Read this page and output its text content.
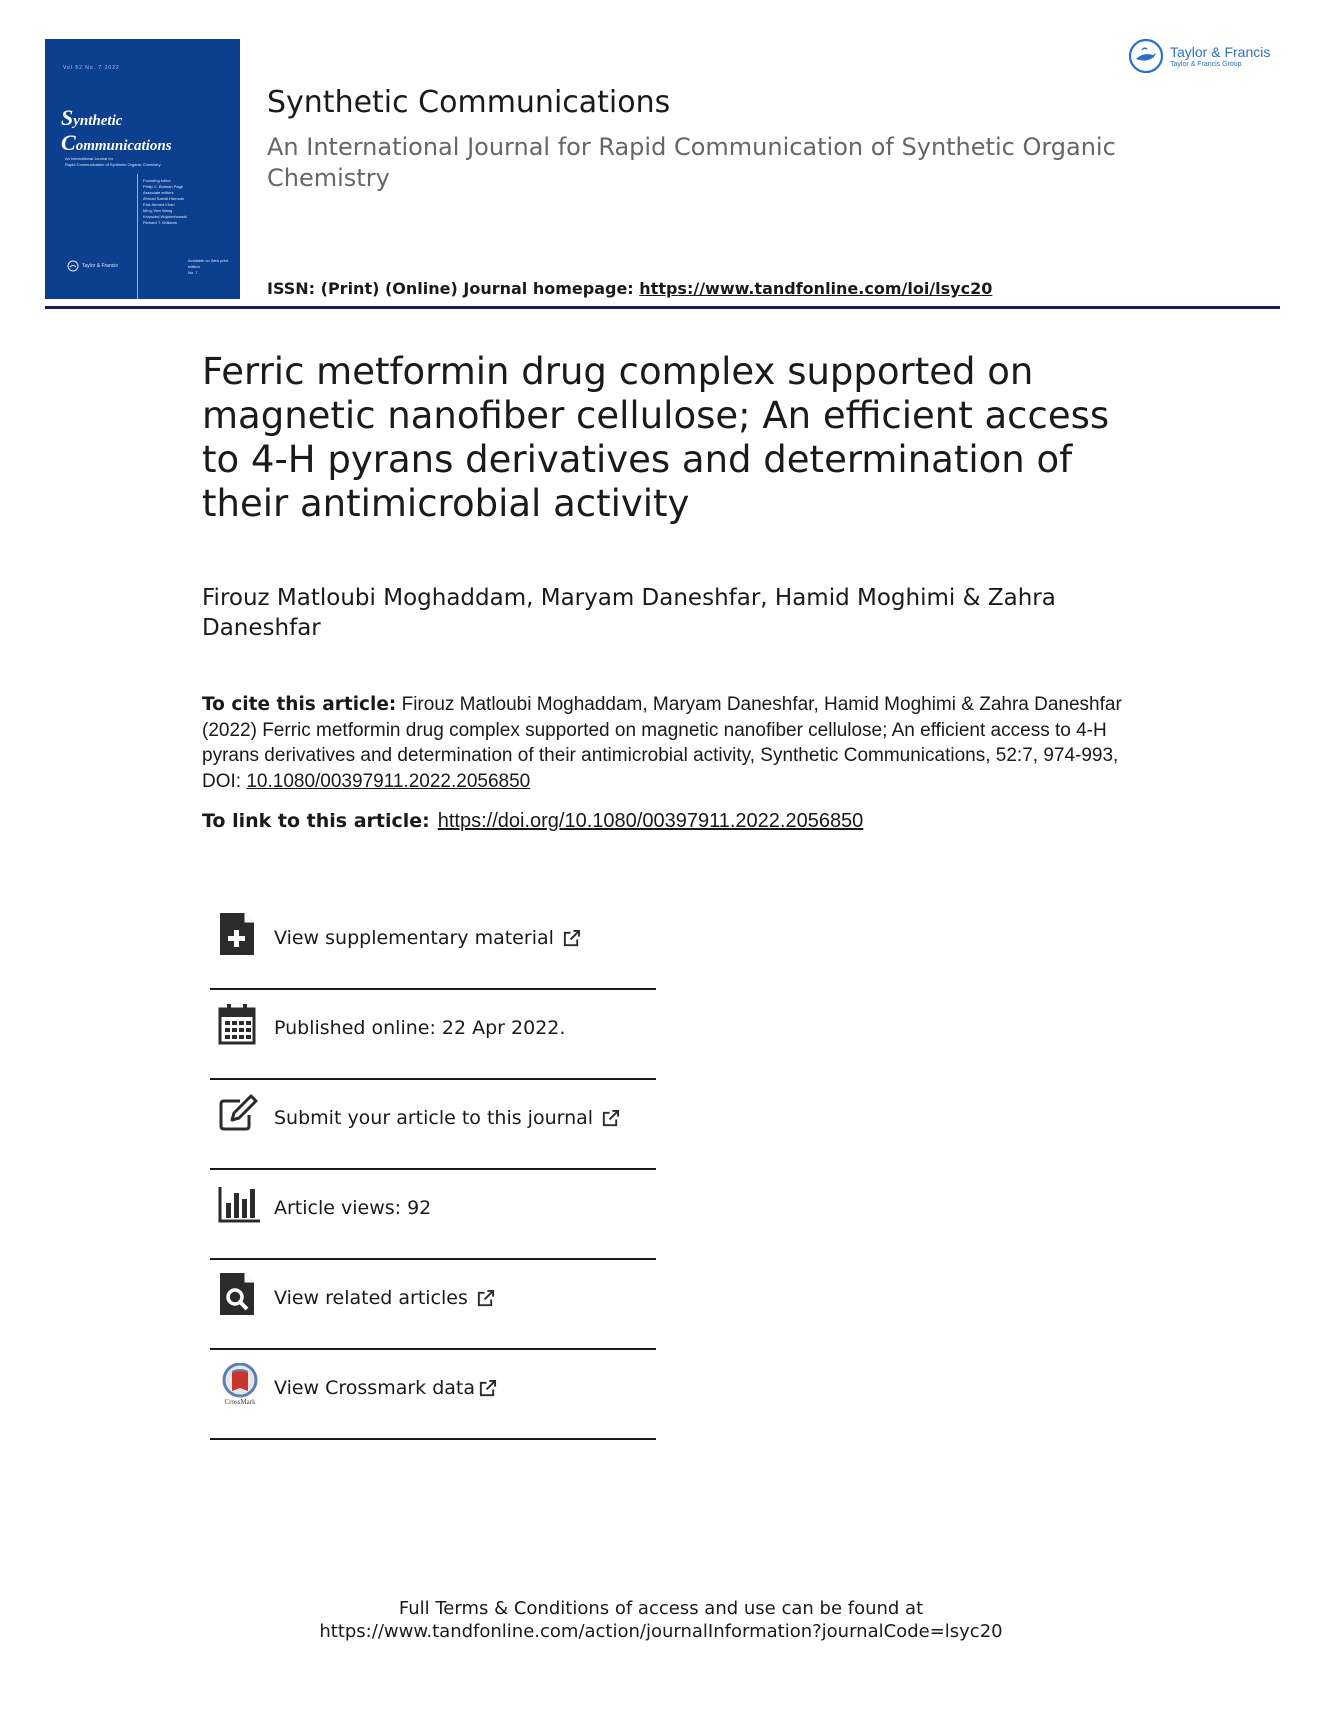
Vol 52 No. 7 2022
Synthetic
Communications
An International Journal for
Rapid Communication of Synthetic Organic Chemistry
Founding editor
Philip C. Bulman Page
Associate editors
Ahmad Saeidi Hamzah
Faiz Ahmed Khan
Ming-Yien Wang
Krzysztof Wojciechowski
Richard T. Williams
Taylor & Francis
Available on Web print edition
No. 7
Taylor & Francis
Taylor & Francis Group
Synthetic Communications
An International Journal for Rapid Communication of Synthetic Organic Chemistry
ISSN: (Print) (Online) Journal homepage: https://www.tandfonline.com/loi/lsyc20
Ferric metformin drug complex supported on magnetic nanofiber cellulose; An efficient access to 4-H pyrans derivatives and determination of their antimicrobial activity
Firouz Matloubi Moghaddam, Maryam Daneshfar, Hamid Moghimi & Zahra Daneshfar
To cite this article: Firouz Matloubi Moghaddam, Maryam Daneshfar, Hamid Moghimi & Zahra Daneshfar (2022) Ferric metformin drug complex supported on magnetic nanofiber cellulose; An efficient access to 4-H pyrans derivatives and determination of their antimicrobial activity, Synthetic Communications, 52:7, 974-993, DOI: 10.1080/00397911.2022.2056850
To link to this article: https://doi.org/10.1080/00397911.2022.2056850
View supplementary material
Published online: 22 Apr 2022.
Submit your article to this journal
Article views: 92
View related articles
CrossMark
View Crossmark data
Full Terms & Conditions of access and use can be found at
https://www.tandfonline.com/action/journalInformation?journalCode=lsyc20
